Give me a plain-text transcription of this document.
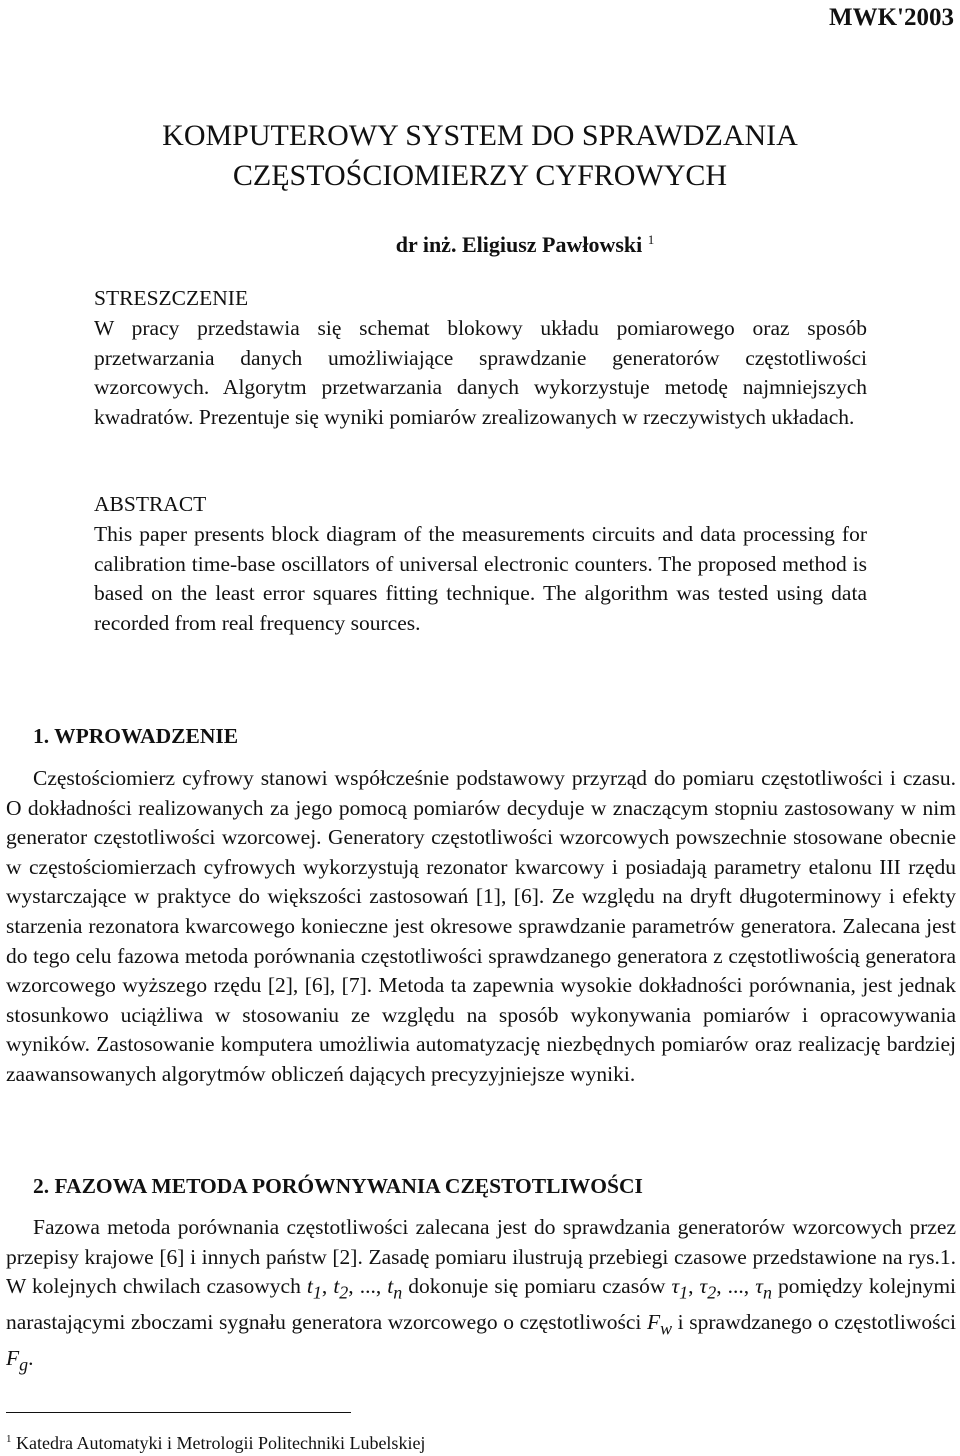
MWK'2003
KOMPUTEROWY SYSTEM DO SPRAWDZANIA
CZĘSTOŚCIOMIERZY CYFROWYCH
dr inż. Eligiusz Pawłowski $^1$
STRESZCZENIE
W pracy przedstawia się schemat blokowy układu pomiarowego oraz sposób przetwarzania danych umożliwiające sprawdzanie generatorów częstotliwości wzorcowych. Algorytm przetwarzania danych wykorzystuje metodę najmniejszych kwadratów. Prezentuje się wyniki pomiarów zrealizowanych w rzeczywistych układach.
ABSTRACT
This paper presents block diagram of the measurements circuits and data processing for calibration time-base oscillators of universal electronic counters. The proposed method is based on the least error squares fitting technique. The algorithm was tested using data recorded from real frequency sources.
1. WPROWADZENIE

Częstościomierz cyfrowy stanowi współcześnie podstawowy przyrząd do pomiaru częstotliwości i czasu. O dokładności realizowanych za jego pomocą pomiarów decyduje w znaczącym stopniu zastosowany w nim generator częstotliwości wzorcowej. Generatory częstotliwości wzorcowych powszechnie stosowane obecnie w częstościomierzach cyfrowych wykorzystują rezonator kwarcowy i posiadają parametry etalonu III rzędu wystarczające w praktyce do większości zastosowań [1], [6]. Ze względu na dryft długoterminowy i efekty starzenia rezonatora kwarcowego konieczne jest okresowe sprawdzanie parametrów generatora. Zalecana jest do tego celu fazowa metoda porównania częstotliwości sprawdzanego generatora z częstotliwością generatora wzorcowego wyższego rzędu [2], [6], [7]. Metoda ta zapewnia wysokie dokładności porównania, jest jednak stosunkowo uciążliwa w stosowaniu ze względu na sposób wykonywania pomiarów i opracowywania wyników. Zastosowanie komputera umożliwia automatyzację niezbędnych pomiarów oraz realizację bardziej zaawansowanych algorytmów obliczeń dających precyzyjniejsze wyniki.

2. FAZOWA METODA PORÓWNYWANIA CZĘSTOTLIWOŚCI

Fazowa metoda porównania częstotliwości zalecana jest do sprawdzania generatorów wzorcowych przez przepisy krajowe [6] i innych państw [2]. Zasadę pomiaru ilustrują przebiegi czasowe przedstawione na rys.1. W kolejnych chwilach czasowych $t_1$, $t_2$, ..., $t_n$ dokonuje się pomiaru czasów $\tau_1$, $\tau_2$, ..., $\tau_n$ pomiędzy kolejnymi narastającymi zboczami sygnału generatora wzorcowego o częstotliwości $F_w$ i sprawdzanego o częstotliwości $F_g$.

$^1$ Katedra Automatyki i Metrologii Politechniki Lubelskiej
